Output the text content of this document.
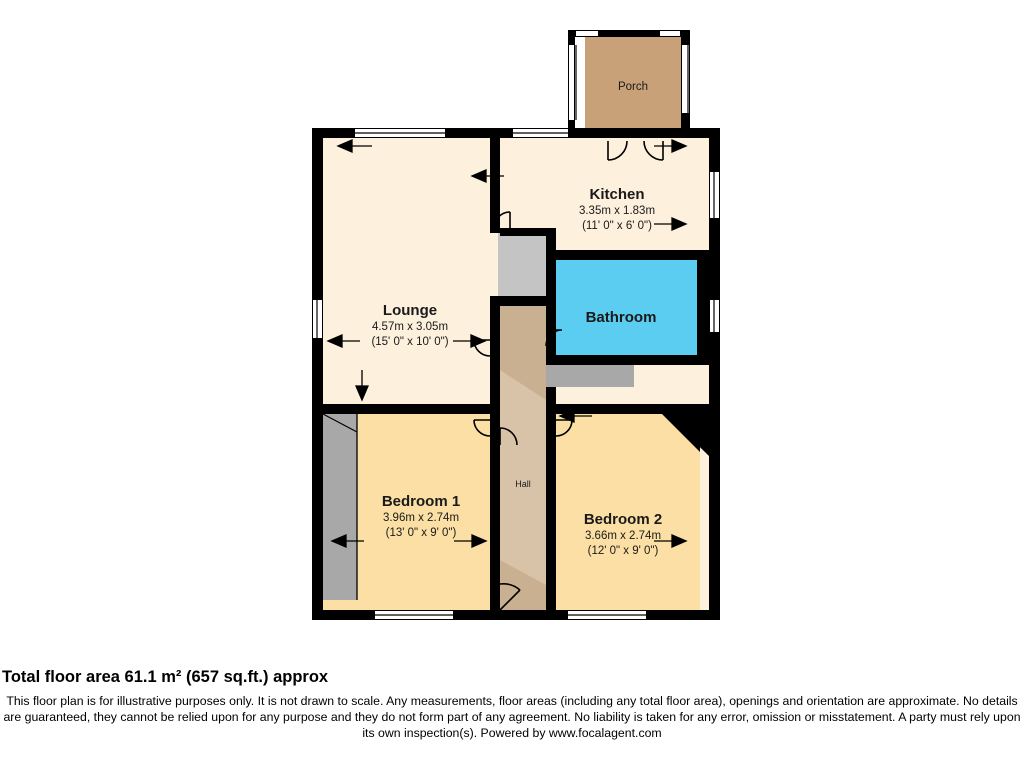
Porch
Kitchen
3.35m x 1.83m
(11' 0" x 6' 0")
Bathroom
Lounge
4.57m x 3.05m
(15' 0" x 10' 0")
Bedroom 1
3.96m x 2.74m
(13' 0" x 9' 0")
Bedroom 2
3.66m x 2.74m
(12' 0" x 9' 0")
Hall
Total floor area 61.1 m² (657 sq.ft.) approx
This floor plan is for illustrative purposes only. It is not drawn to scale. Any measurements, floor areas (including any total floor area), openings and orientation are approximate. No details are guaranteed, they cannot be relied upon for any purpose and they do not form part of any agreement. No liability is taken for any error, omission or misstatement. A party must rely upon its own inspection(s). Powered by www.focalagent.com
